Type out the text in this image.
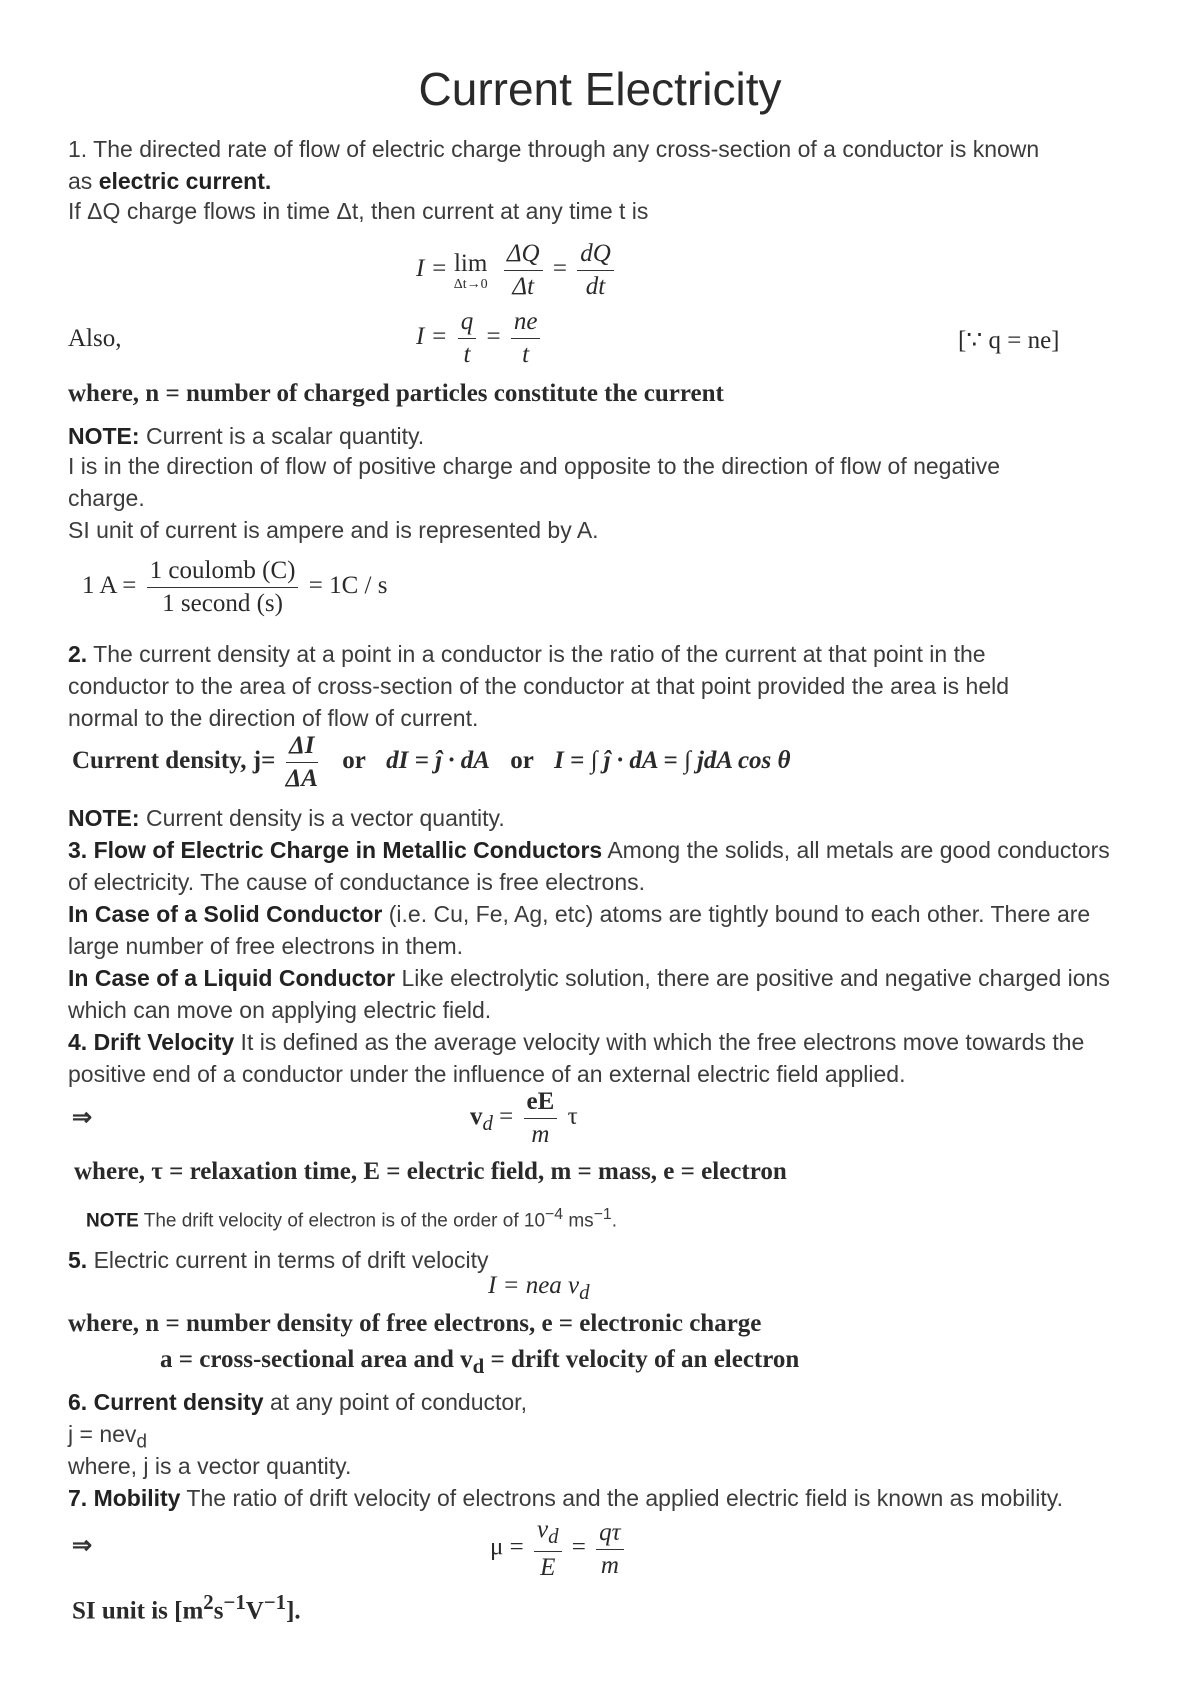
Current Electricity
1. The directed rate of flow of electric charge through any cross-section of a conductor is known
as electric current.
If ΔQ charge flows in time Δt, then current at any time t is
I = lim
Δt→0
$\frac{\Delta Q}{\Delta t} = \frac{dQ}{dt}$
Also,	$I = \frac{q}{t} = \frac{ne}{t}$	[∵ q = ne]
where, n = number of charged particles constitute the current
NOTE: Current is a scalar quantity.
I is in the direction of flow of positive charge and opposite to the direction of flow of negative
charge.
SI unit of current is ampere and is represented by A.
1 $A = \frac{\text{1 coulomb (C)}}{\text{1 second (s)}} = 1C / s$
2. The current density at a point in a conductor is the ratio of the current at that point in the
conductor to the area of cross-section of the conductor at that point provided the area is held
normal to the direction of flow of current.
Current density, $j= \frac{\Delta I}{\Delta A}$ or dI = ĵ · dA or I = ∫ ĵ · dA = ∫ jdA cos θ
NOTE: Current density is a vector quantity.
3. Flow of Electric Charge in Metallic Conductors Among the solids, all metals are good conductors
of electricity. The cause of conductance is free electrons.
In Case of a Solid Conductor (i.e. Cu, Fe, Ag, etc) atoms are tightly bound to each other. There are
large number of free electrons in them.
In Case of a Liquid Conductor Like electrolytic solution, there are positive and negative charged ions
which can move on applying electric field.
4. Drift Velocity It is defined as the average velocity with which the free electrons move towards the
positive end of a conductor under the influence of an external electric field applied.
⇒	$v_d = \frac{eE}{m}$ τ
where, τ = relaxation time, E = electric field, m = mass, e = electron
NOTE The drift velocity of electron is of the order of $10^{-4}$ $ms^{-1}$.
5. Electric current in terms of drift velocity
I = nea $v_d$
where, n = number density of free electrons, e = electronic charge
a = cross-sectional area and $v_d$ = drift velocity of an electron
6. Current density at any point of conductor,
j = nev$_d$
where, j is a vector quantity.
7. Mobility The ratio of drift velocity of electrons and the applied electric field is known as mobility.
⇒	$\mu = \frac{v_d}{E} = \frac{q\tau}{m}$
SI unit is $[m^2s^{-1}V^{-1}]$.
